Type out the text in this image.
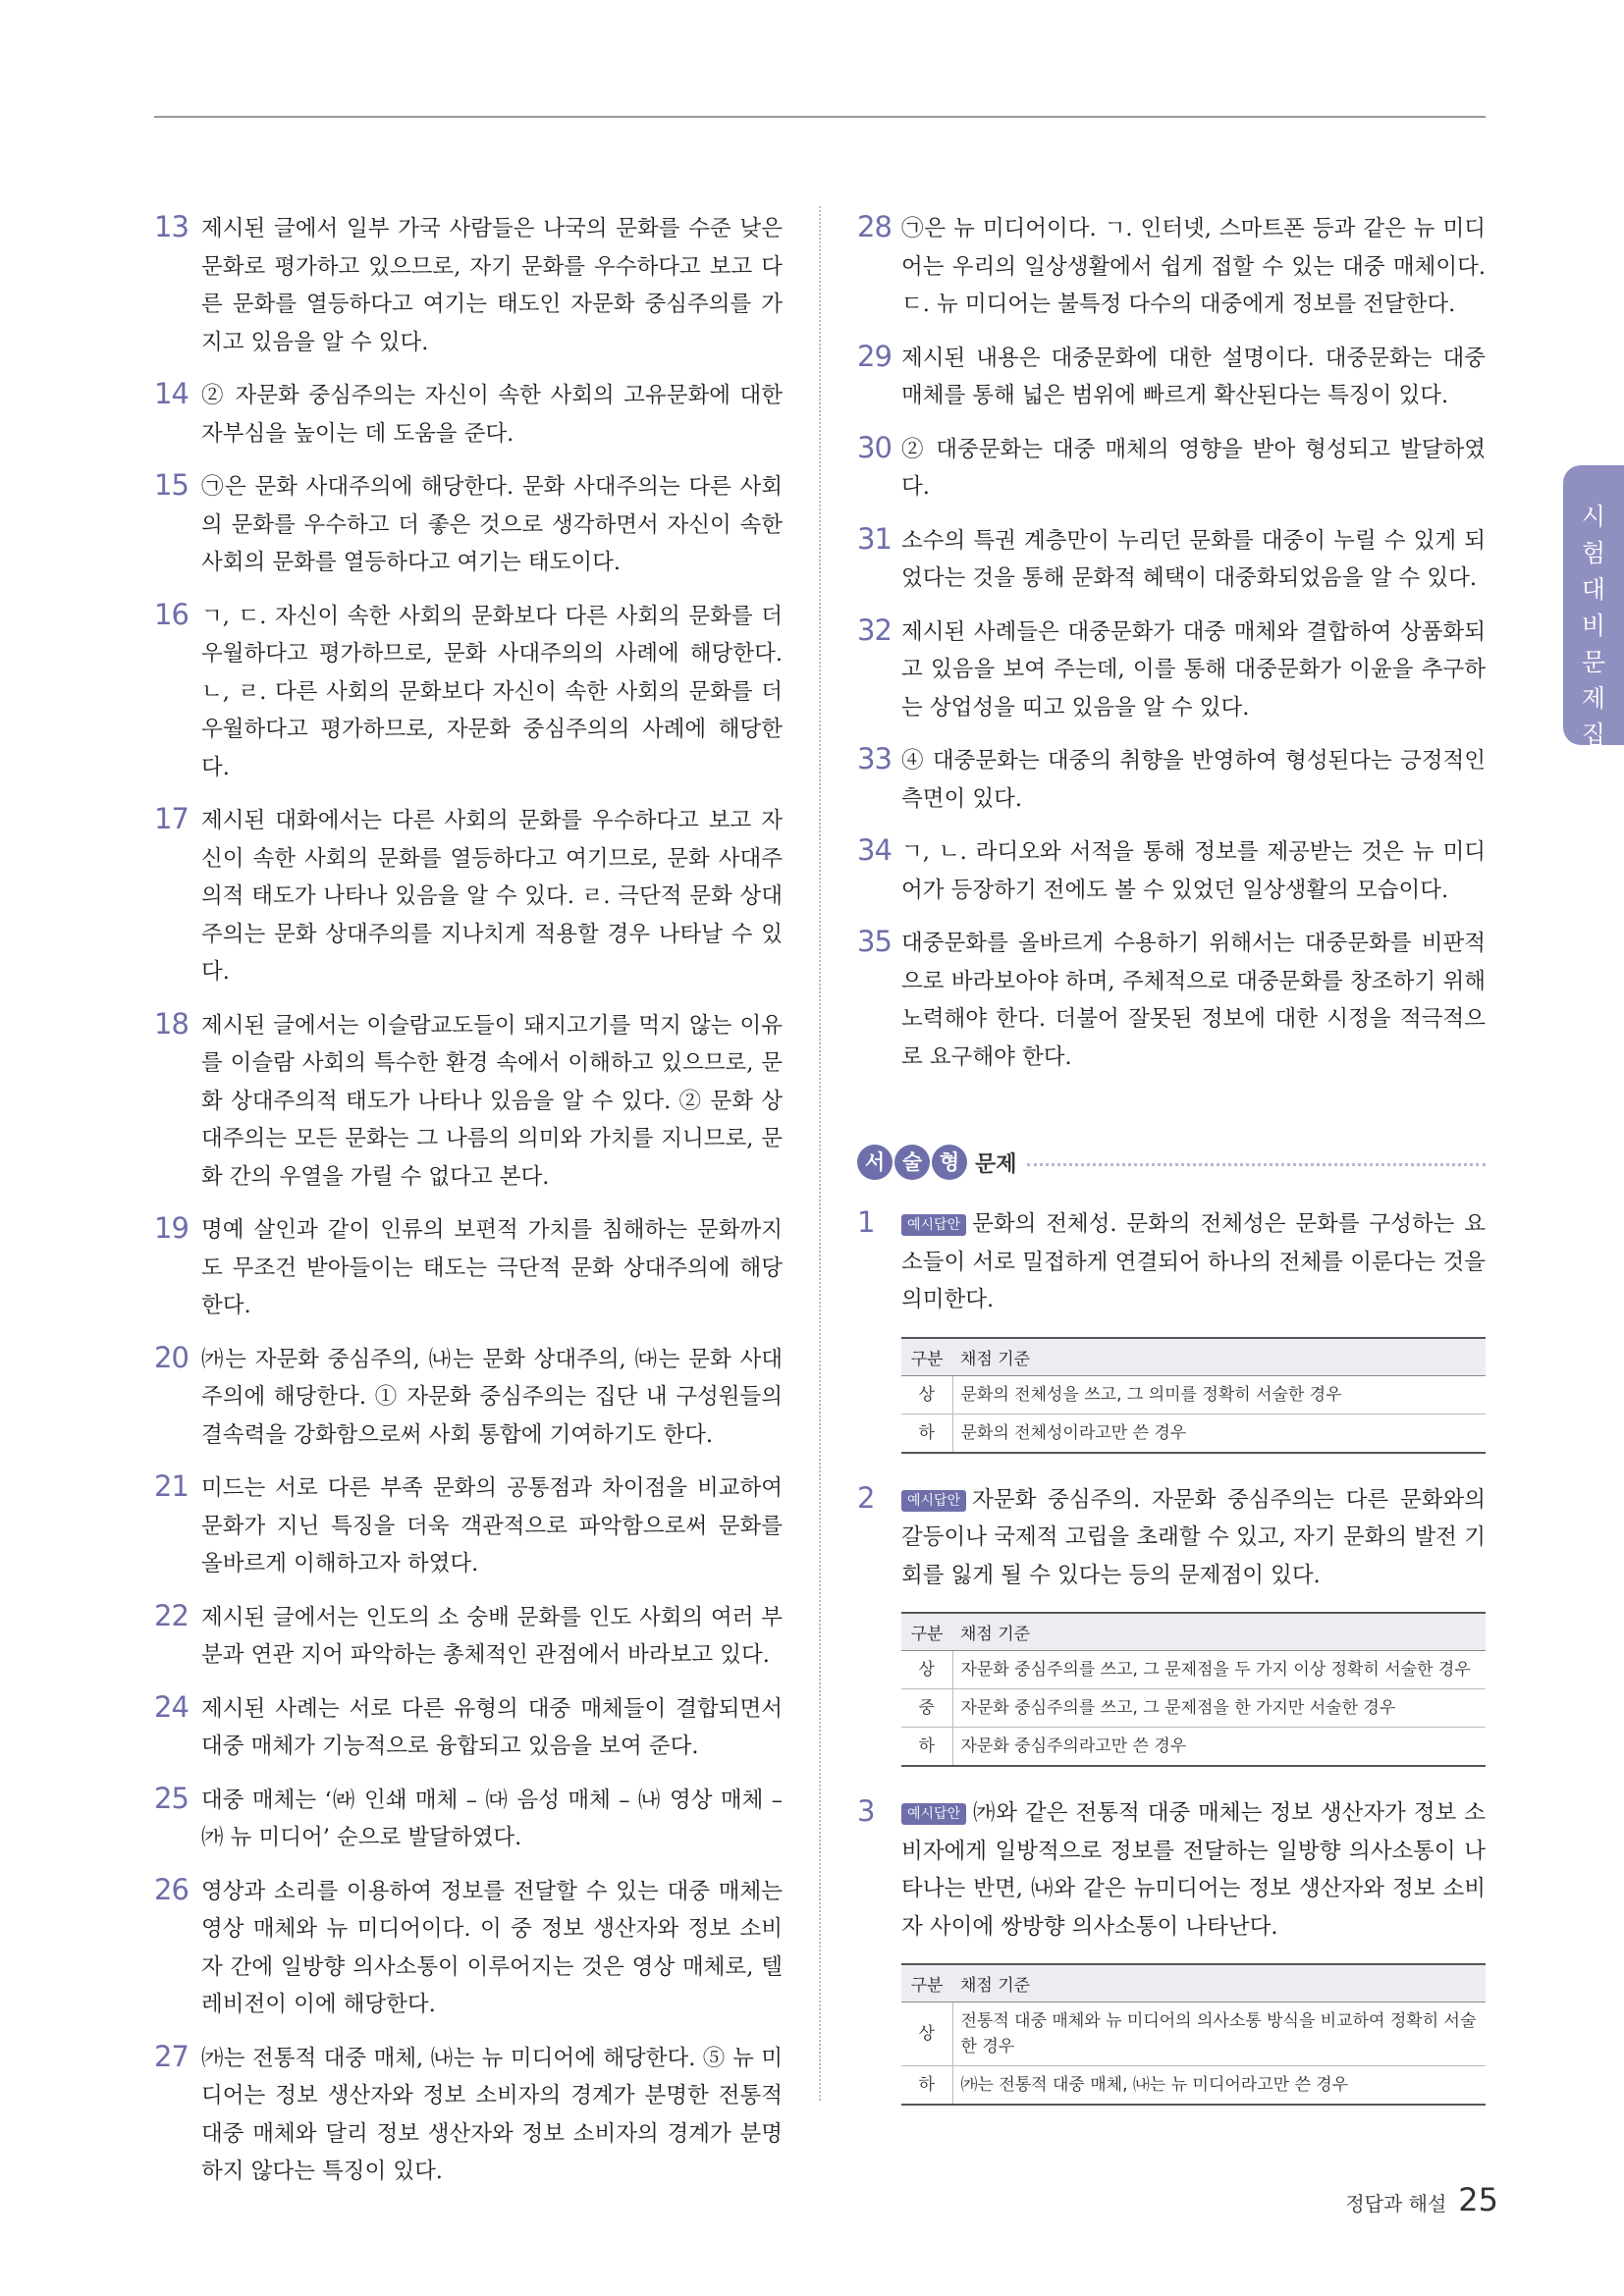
13 제시된 글에서 일부 가국 사람들은 나국의 문화를 수준 낮은 문화로 평가하고 있으므로, 자기 문화를 우수하다고 보고 다른 문화를 열등하다고 여기는 태도인 자문화 중심주의를 가지고 있음을 알 수 있다.
14 ② 자문화 중심주의는 자신이 속한 사회의 고유문화에 대한 자부심을 높이는 데 도움을 준다.
15 ㉠은 문화 사대주의에 해당한다. 문화 사대주의는 다른 사회의 문화를 우수하고 더 좋은 것으로 생각하면서 자신이 속한 사회의 문화를 열등하다고 여기는 태도이다.
16 ㄱ, ㄷ. 자신이 속한 사회의 문화보다 다른 사회의 문화를 더 우월하다고 평가하므로, 문화 사대주의의 사례에 해당한다. ㄴ, ㄹ. 다른 사회의 문화보다 자신이 속한 사회의 문화를 더 우월하다고 평가하므로, 자문화 중심주의의 사례에 해당한다.
17 제시된 대화에서는 다른 사회의 문화를 우수하다고 보고 자신이 속한 사회의 문화를 열등하다고 여기므로, 문화 사대주의적 태도가 나타나 있음을 알 수 있다. ㄹ. 극단적 문화 상대주의는 문화 상대주의를 지나치게 적용할 경우 나타날 수 있다.
18 제시된 글에서는 이슬람교도들이 돼지고기를 먹지 않는 이유를 이슬람 사회의 특수한 환경 속에서 이해하고 있으므로, 문화 상대주의적 태도가 나타나 있음을 알 수 있다. ② 문화 상대주의는 모든 문화는 그 나름의 의미와 가치를 지니므로, 문화 간의 우열을 가릴 수 없다고 본다.
19 명예 살인과 같이 인류의 보편적 가치를 침해하는 문화까지도 무조건 받아들이는 태도는 극단적 문화 상대주의에 해당한다.
20 ㈎는 자문화 중심주의, ㈏는 문화 상대주의, ㈐는 문화 사대주의에 해당한다. ① 자문화 중심주의는 집단 내 구성원들의 결속력을 강화함으로써 사회 통합에 기여하기도 한다.
21 미드는 서로 다른 부족 문화의 공통점과 차이점을 비교하여 문화가 지닌 특징을 더욱 객관적으로 파악함으로써 문화를 올바르게 이해하고자 하였다.
22 제시된 글에서는 인도의 소 숭배 문화를 인도 사회의 여러 부분과 연관 지어 파악하는 총체적인 관점에서 바라보고 있다.
24 제시된 사례는 서로 다른 유형의 대중 매체들이 결합되면서 대중 매체가 기능적으로 융합되고 있음을 보여 준다.
25 대중 매체는 ‘㈑ 인쇄 매체 – ㈐ 음성 매체 – ㈏ 영상 매체 – ㈎ 뉴 미디어’ 순으로 발달하였다.
26 영상과 소리를 이용하여 정보를 전달할 수 있는 대중 매체는 영상 매체와 뉴 미디어이다. 이 중 정보 생산자와 정보 소비자 간에 일방향 의사소통이 이루어지는 것은 영상 매체로, 텔레비전이 이에 해당한다.
27 ㈎는 전통적 대중 매체, ㈏는 뉴 미디어에 해당한다. ⑤ 뉴 미디어는 정보 생산자와 정보 소비자의 경계가 분명한 전통적 대중 매체와 달리 정보 생산자와 정보 소비자의 경계가 분명하지 않다는 특징이 있다.
28 ㉠은 뉴 미디어이다. ㄱ. 인터넷, 스마트폰 등과 같은 뉴 미디어는 우리의 일상생활에서 쉽게 접할 수 있는 대중 매체이다. ㄷ. 뉴 미디어는 불특정 다수의 대중에게 정보를 전달한다.
29 제시된 내용은 대중문화에 대한 설명이다. 대중문화는 대중 매체를 통해 넓은 범위에 빠르게 확산된다는 특징이 있다.
30 ② 대중문화는 대중 매체의 영향을 받아 형성되고 발달하였다.
31 소수의 특권 계층만이 누리던 문화를 대중이 누릴 수 있게 되었다는 것을 통해 문화적 혜택이 대중화되었음을 알 수 있다.
32 제시된 사례들은 대중문화가 대중 매체와 결합하여 상품화되고 있음을 보여 주는데, 이를 통해 대중문화가 이윤을 추구하는 상업성을 띠고 있음을 알 수 있다.
33 ④ 대중문화는 대중의 취향을 반영하여 형성된다는 긍정적인 측면이 있다.
34 ㄱ, ㄴ. 라디오와 서적을 통해 정보를 제공받는 것은 뉴 미디어가 등장하기 전에도 볼 수 있었던 일상생활의 모습이다.
35 대중문화를 올바르게 수용하기 위해서는 대중문화를 비판적으로 바라보아야 하며, 주체적으로 대중문화를 창조하기 위해 노력해야 한다. 더불어 잘못된 정보에 대한 시정을 적극적으로 요구해야 한다.
서 술 형 문제
1 예시답안 문화의 전체성. 문화의 전체성은 문화를 구성하는 요소들이 서로 밀접하게 연결되어 하나의 전체를 이룬다는 것을 의미한다.
구분	채점 기준
상	문화의 전체성을 쓰고, 그 의미를 정확히 서술한 경우
하	문화의 전체성이라고만 쓴 경우
2 예시답안 자문화 중심주의. 자문화 중심주의는 다른 문화와의 갈등이나 국제적 고립을 초래할 수 있고, 자기 문화의 발전 기회를 잃게 될 수 있다는 등의 문제점이 있다.
구분	채점 기준
상	자문화 중심주의를 쓰고, 그 문제점을 두 가지 이상 정확히 서술한 경우
중	자문화 중심주의를 쓰고, 그 문제점을 한 가지만 서술한 경우
하	자문화 중심주의라고만 쓴 경우
3 예시답안 ㈎와 같은 전통적 대중 매체는 정보 생산자가 정보 소비자에게 일방적으로 정보를 전달하는 일방향 의사소통이 나타나는 반면, ㈏와 같은 뉴미디어는 정보 생산자와 정보 소비자 사이에 쌍방향 의사소통이 나타난다.
구분	채점 기준
상	전통적 대중 매체와 뉴 미디어의 의사소통 방식을 비교하여 정확히 서술한 경우
하	㈎는 전통적 대중 매체, ㈏는 뉴 미디어라고만 쓴 경우
시험대비문제집
정답과 해설 25
